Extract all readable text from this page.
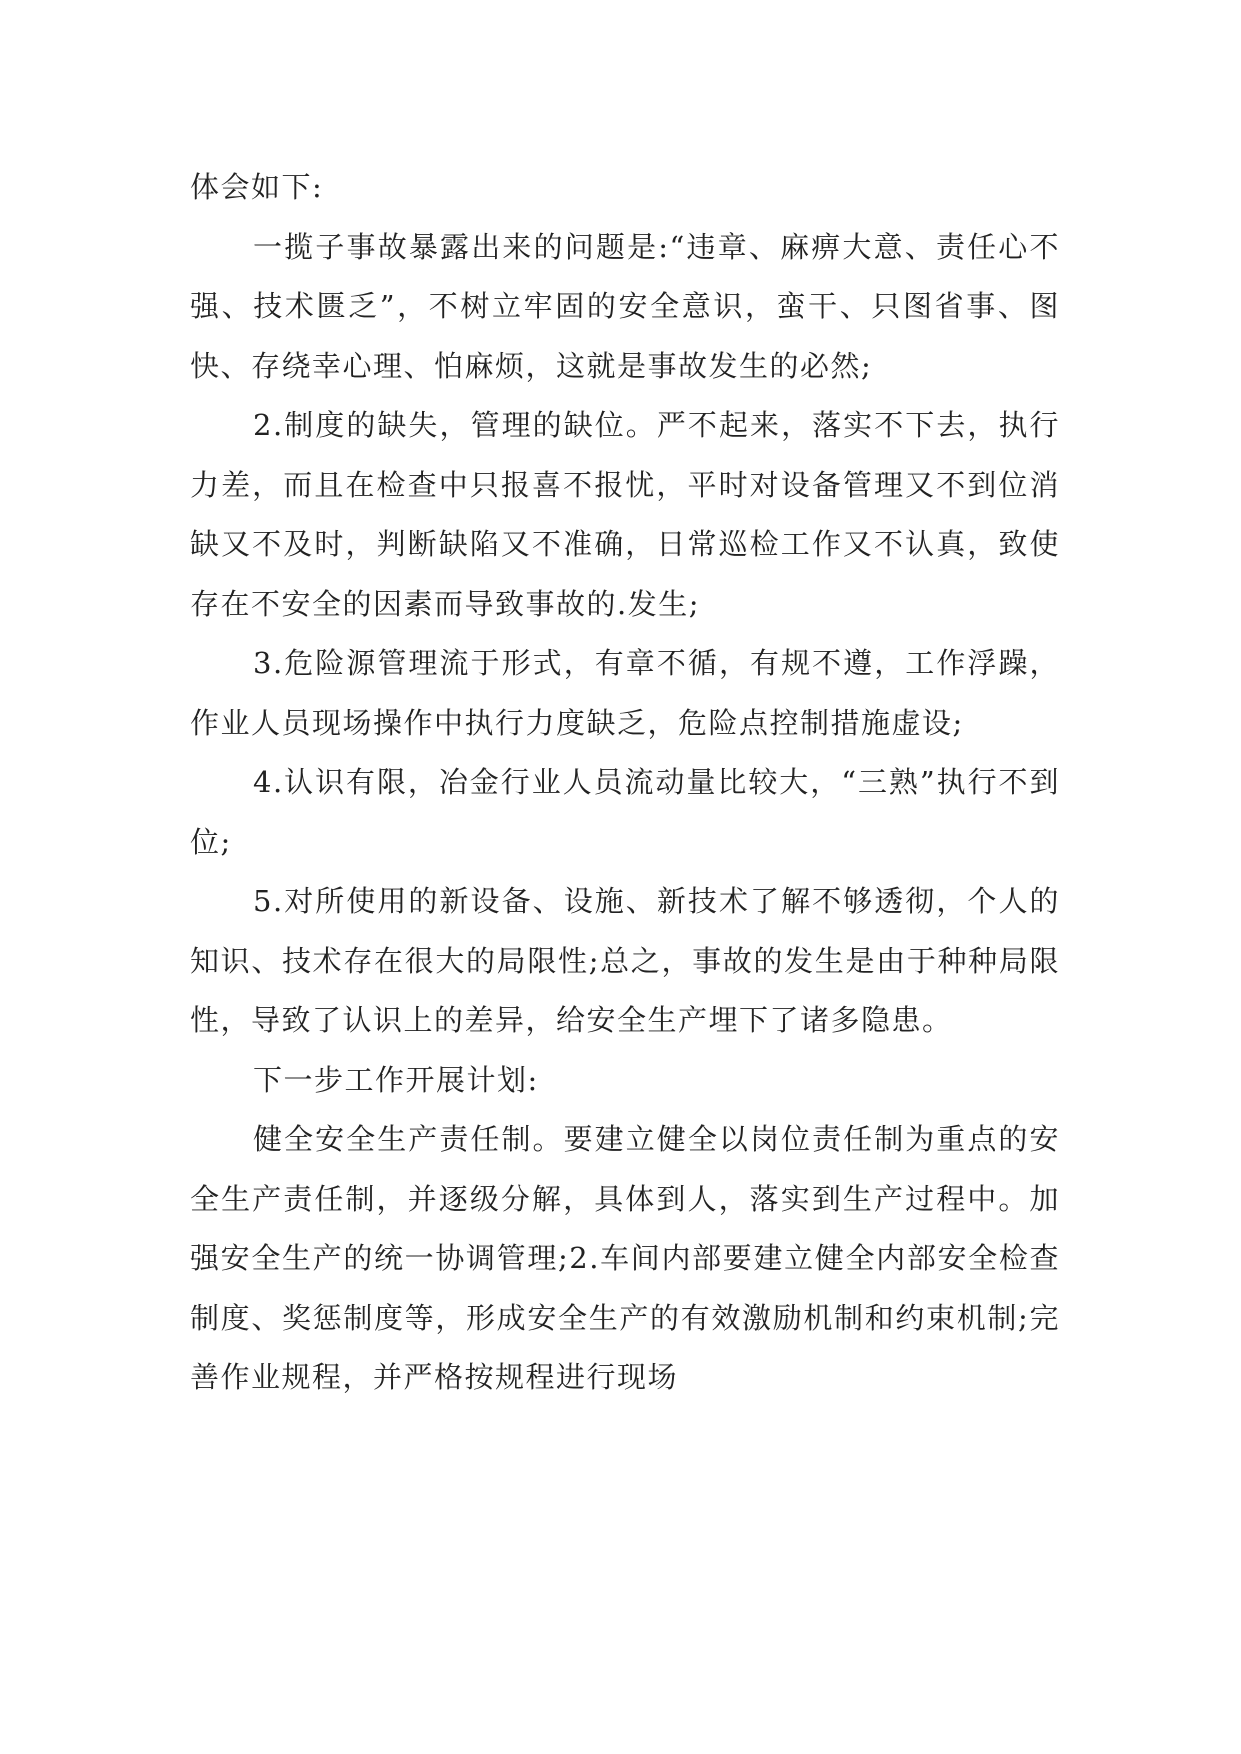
体会如下:

一揽子事故暴露出来的问题是:“违章、麻痹大意、责任心不强、技术匮乏”，不树立牢固的安全意识，蛮干、只图省事、图快、存绕幸心理、怕麻烦，这就是事故发生的必然;

2.制度的缺失，管理的缺位。严不起来，落实不下去，执行力差，而且在检查中只报喜不报忧，平时对设备管理又不到位消缺又不及时，判断缺陷又不准确，日常巡检工作又不认真，致使存在不安全的因素而导致事故的.发生;

3.危险源管理流于形式，有章不循，有规不遵，工作浮躁，作业人员现场操作中执行力度缺乏，危险点控制措施虚设;

4.认识有限，冶金行业人员流动量比较大，“三熟”执行不到位;

5.对所使用的新设备、设施、新技术了解不够透彻，个人的知识、技术存在很大的局限性;总之，事故的发生是由于种种局限性，导致了认识上的差异，给安全生产埋下了诸多隐患。

下一步工作开展计划:

健全安全生产责任制。要建立健全以岗位责任制为重点的安全生产责任制，并逐级分解，具体到人，落实到生产过程中。加强安全生产的统一协调管理;2.车间内部要建立健全内部安全检查制度、奖惩制度等，形成安全生产的有效激励机制和约束机制;完善作业规程，并严格按规程进行现场
